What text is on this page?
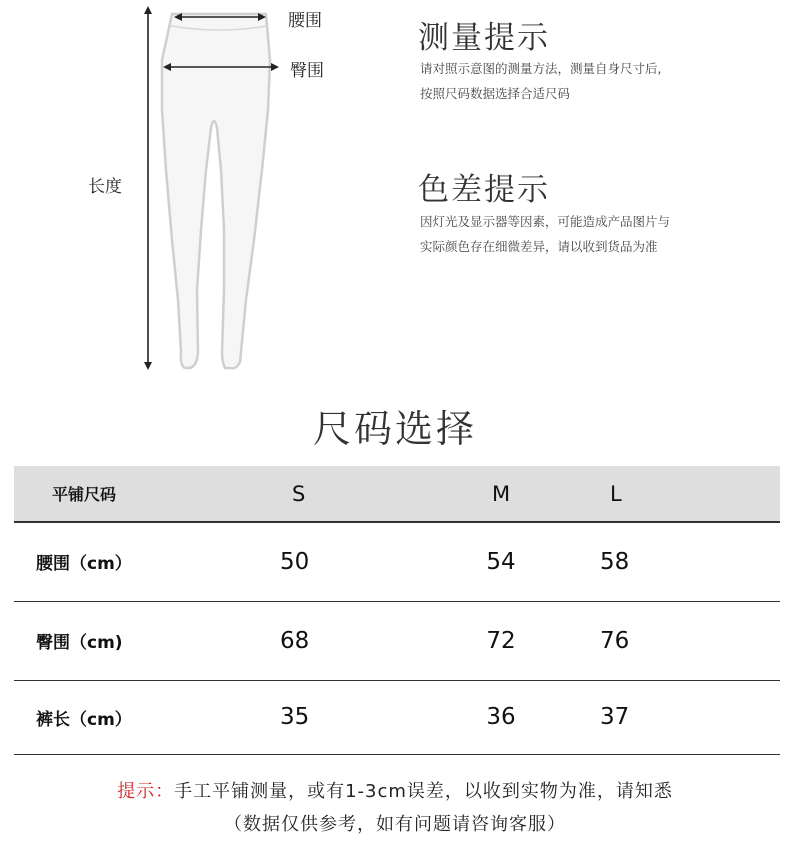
腰围
臀围
长度
测量提示
请对照示意图的测量方法，测量自身尺寸后,
按照尺码数据选择合适尺码
色差提示
因灯光及显示器等因素，可能造成产品图片与
实际颜色存在细微差异，请以收到货品为准
尺码选择
平铺尺码	S	M	L
腰围（cm）	50	54	58
臀围（cm)	68	72	76
裤长（cm）	35	36	37
提示：手工平铺测量，或有1-3cm误差，以收到实物为准，请知悉
（数据仅供参考，如有问题请咨询客服）
